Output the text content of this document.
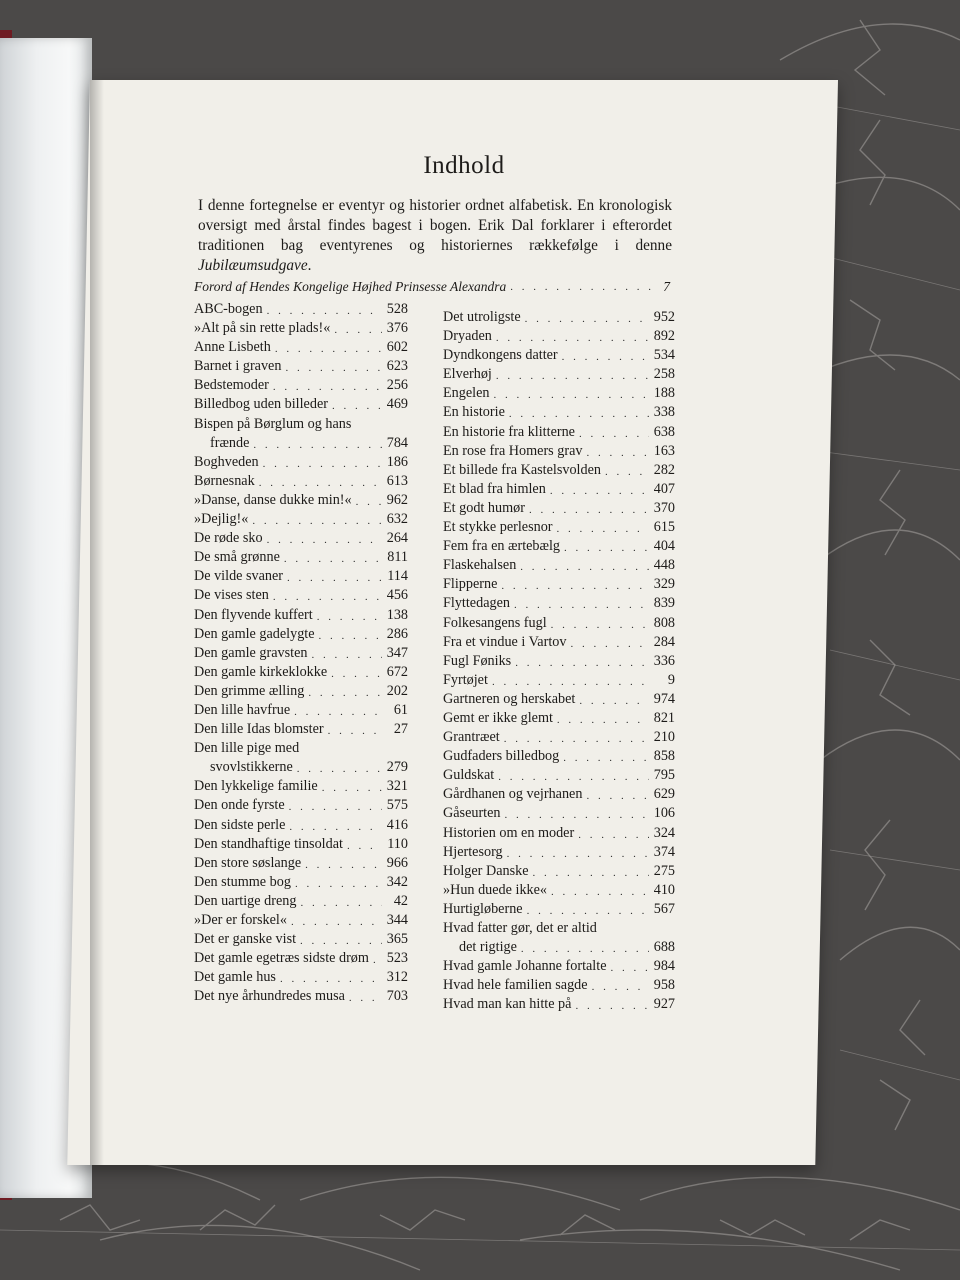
Indhold
I denne fortegnelse er eventyr og historier ordnet alfabetisk. En kronologisk oversigt med årstal findes bagest i bogen. Erik Dal forklarer i efterordet traditionen bag eventyrenes og historiernes rækkefølge i denne Jubilæumsudgave.
Forord af Hendes Kongelige Højhed Prinsesse Alexandra . . .	7
ABC-bogen . . .	528
»Alt på sin rette plads!« . . .	376
Anne Lisbeth . . .	602
Barnet i graven . . .	623
Bedstemoder . . .	256
Billedbog uden billeder . . .	469
Bispen på Børglum og hans
frænde . . .	784
Boghveden . . .	186
Børnesnak . . .	613
»Danse, danse dukke min!« . . . 962
»Dejlig!« . . .	632
De røde sko . . .	264
De små grønne . . .	811
De vilde svaner . . .	114
De vises sten . . .	456
Den flyvende kuffert . . .	138
Den gamle gadelygte . . .	286
Den gamle gravsten . . .	347
Den gamle kirkeklokke . . .	672
Den grimme ælling . . .	202
Den lille havfrue . . .	61
Den lille Idas blomster . . .	27
Den lille pige med
svovlstikkerne . . .	279
Den lykkelige familie . . .	321
Den onde fyrste . . .	575
Den sidste perle . . .	416
Den standhaftige tinsoldat . . .	110
Den store søslange . . .	966
Den stumme bog . . .	342
Den uartige dreng . . .	42
»Der er forskel« . . .	344
Det er ganske vist . . .	365
Det gamle egetræs sidste drøm . . . 523
Det gamle hus . . .	312
Det nye århundredes musa . . .	703
Det utroligste . . .	952
Dryaden . . .	892
Dyndkongens datter . . .	534
Elverhøj . . .	258
Engelen . . .	188
En historie . . .	338
En historie fra klitterne . . .	638
En rose fra Homers grav . . .	163
Et billede fra Kastelsvolden . . .	282
Et blad fra himlen . . .	407
Et godt humør . . .	370
Et stykke perlesnor . . .	615
Fem fra en ærtebælg . . .	404
Flaskehalsen . . .	448
Flipperne . . .	329
Flyttedagen . . .	839
Folkesangens fugl . . .	808
Fra et vindue i Vartov . . .	284
Fugl Føniks . . .	336
Fyrtøjet . . .	9
Gartneren og herskabet . . .	974
Gemt er ikke glemt . . .	821
Grantræet . . .	210
Gudfaders billedbog . . .	858
Guldskat . . .	795
Gårdhanen og vejrhanen . . .	629
Gåseurten . . .	106
Historien om en moder . . .	324
Hjertesorg . . .	374
Holger Danske . . .	275
»Hun duede ikke« . . .	410
Hurtigløberne . . .	567
Hvad fatter gør, det er altid
det rigtige . . .	688
Hvad gamle Johanne fortalte . . .	984
Hvad hele familien sagde . . .	958
Hvad man kan hitte på . . .	927
